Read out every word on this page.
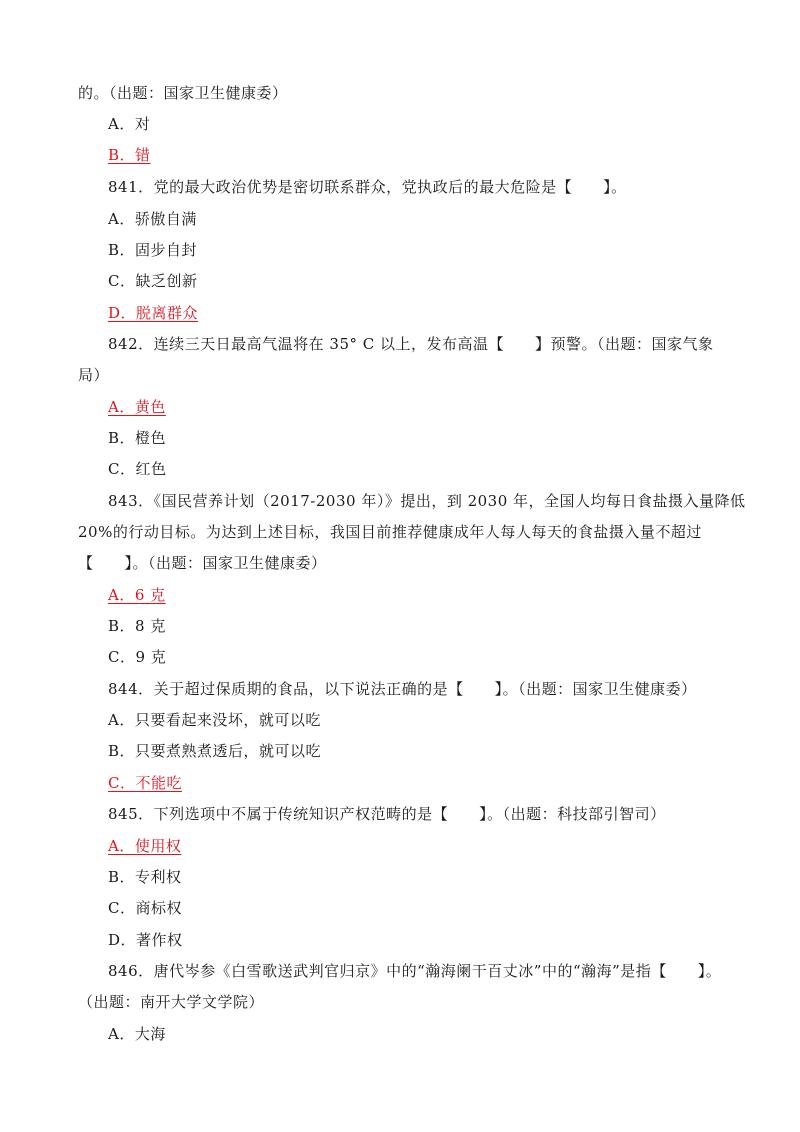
的。（出题：国家卫生健康委）
A．对
B．错
841．党的最大政治优势是密切联系群众，党执政后的最大危险是【　　】。
A．骄傲自满
B．固步自封
C．缺乏创新
D．脱离群众
842．连续三天日最高气温将在 35° C 以上，发布高温【　　】预警。（出题：国家气象
局）
A．黄色
B．橙色
C．红色
843．《国民营养计划（2017-2030 年）》提出，到 2030 年，全国人均每日食盐摄入量降低
20%的行动目标。为达到上述目标，我国目前推荐健康成年人每人每天的食盐摄入量不超过
【　　】。（出题：国家卫生健康委）
A．6 克
B．8 克
C．9 克
844．关于超过保质期的食品，以下说法正确的是【　　】。（出题：国家卫生健康委）
A．只要看起来没坏，就可以吃
B．只要煮熟煮透后，就可以吃
C．不能吃
845．下列选项中不属于传统知识产权范畴的是【　　】。（出题：科技部引智司）
A．使用权
B．专利权
C．商标权
D．著作权
846．唐代岑参《白雪歌送武判官归京》中的“瀚海阑干百丈冰”中的“瀚海”是指【　　】。
（出题：南开大学文学院）
A．大海
